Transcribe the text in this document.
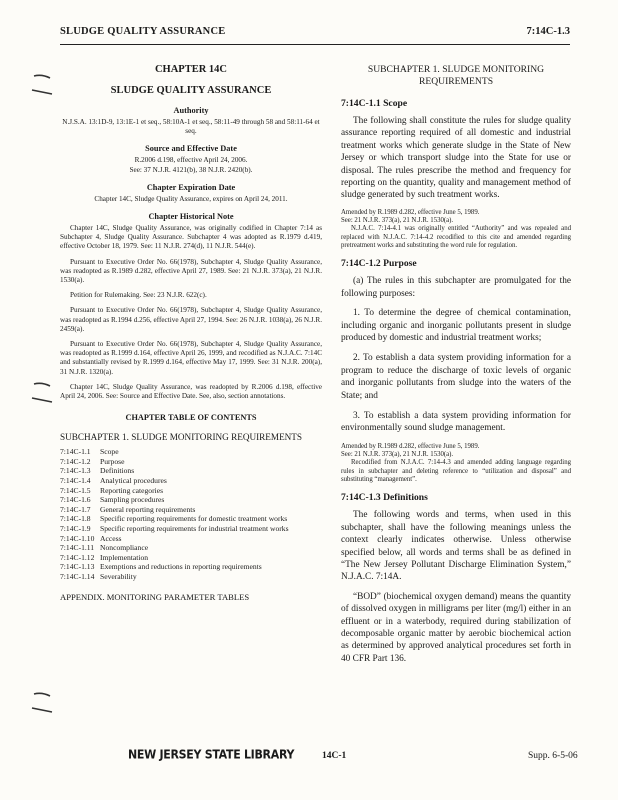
SLUDGE QUALITY ASSURANCE	7:14C-1.3
CHAPTER 14C
SLUDGE QUALITY ASSURANCE
Authority
N.J.S.A. 13:1D-9, 13:1E-1 et seq., 58:10A-1 et seq., 58:11-49 through 58 and 58:11-64 et seq.
Source and Effective Date
R.2006 d.198, effective April 24, 2006.
See: 37 N.J.R. 4121(b), 38 N.J.R. 2420(b).
Chapter Expiration Date
Chapter 14C, Sludge Quality Assurance, expires on April 24, 2011.
Chapter Historical Note
Chapter 14C, Sludge Quality Assurance, was originally codified in Chapter 7:14 as Subchapter 4, Sludge Quality Assurance. Subchapter 4 was adopted as R.1979 d.419, effective October 18, 1979. See: 11 N.J.R. 274(d), 11 N.J.R. 544(e).
Pursuant to Executive Order No. 66(1978), Subchapter 4, Sludge Quality Assurance, was readopted as R.1989 d.282, effective April 27, 1989. See: 21 N.J.R. 373(a), 21 N.J.R. 1530(a).
Petition for Rulemaking. See: 23 N.J.R. 622(c).
Pursuant to Executive Order No. 66(1978), Subchapter 4, Sludge Quality Assurance, was readopted as R.1994 d.256, effective April 27, 1994. See: 26 N.J.R. 1038(a), 26 N.J.R. 2459(a).
Pursuant to Executive Order No. 66(1978), Subchapter 4, Sludge Quality Assurance, was readopted as R.1999 d.164, effective April 26, 1999, and recodified as N.J.A.C. 7:14C and substantially revised by R.1999 d.164, effective May 17, 1999. See: 31 N.J.R. 200(a), 31 N.J.R. 1320(a).
Chapter 14C, Sludge Quality Assurance, was readopted by R.2006 d.198, effective April 24, 2006. See: Source and Effective Date. See, also, section annotations.
CHAPTER TABLE OF CONTENTS
SUBCHAPTER 1. SLUDGE MONITORING REQUIREMENTS
7:14C-1.1	Scope
7:14C-1.2	Purpose
7:14C-1.3	Definitions
7:14C-1.4	Analytical procedures
7:14C-1.5	Reporting categories
7:14C-1.6	Sampling procedures
7:14C-1.7	General reporting requirements
7:14C-1.8	Specific reporting requirements for domestic treatment works
7:14C-1.9	Specific reporting requirements for industrial treatment works
7:14C-1.10 Access
7:14C-1.11 Noncompliance
7:14C-1.12 Implementation
7:14C-1.13 Exemptions and reductions in reporting requirements
7:14C-1.14 Severability
APPENDIX. MONITORING PARAMETER TABLES
SUBCHAPTER 1. SLUDGE MONITORING REQUIREMENTS
7:14C-1.1 Scope
The following shall constitute the rules for sludge quality assurance reporting required of all domestic and industrial treatment works which generate sludge in the State of New Jersey or which transport sludge into the State for use or disposal. The rules prescribe the method and frequency for reporting on the quantity, quality and management method of sludge generated by such treatment works.

Amended by R.1989 d.282, effective June 5, 1989.

See: 21 N.J.R. 373(a), 21 N.J.R. 1530(a).

N.J.A.C. 7:14-4.1 was originally entitled “Authority” and was repealed and replaced with N.J.A.C. 7:14-4.2 recodified to this cite and amended regarding pretreatment works and substituting the word rule for regulation.

7:14C-1.2 Purpose
(a) The rules in this subchapter are promulgated for the following purposes:
1. To determine the degree of chemical contamination, including organic and inorganic pollutants present in sludge produced by domestic and industrial treatment works;
2. To establish a data system providing information for a program to reduce the discharge of toxic levels of organic and inorganic pollutants from sludge into the waters of the State; and
3. To establish a data system providing information for environmentally sound sludge management.

Amended by R.1989 d.282, effective June 5, 1989.

See: 21 N.J.R. 373(a), 21 N.J.R. 1530(a).

Recodified from N.J.A.C. 7:14-4.3 and amended adding language regarding rules in subchapter and deleting reference to “utilization and disposal” and substituting “management”.

7:14C-1.3 Definitions
The following words and terms, when used in this subchapter, shall have the following meanings unless the context clearly indicates otherwise. Unless otherwise specified below, all words and terms shall be as defined in “The New Jersey Pollutant Discharge Elimination System,” N.J.A.C. 7:14A.
“BOD” (biochemical oxygen demand) means the quantity of dissolved oxygen in milligrams per liter (mg/l) either in an effluent or in a waterbody, required during stabilization of decomposable organic matter by aerobic biochemical action as determined by approved analytical procedures set forth in 40 CFR Part 136.
NEW JERSEY STATE LIBRARY	14C-1	Supp. 6-5-06
